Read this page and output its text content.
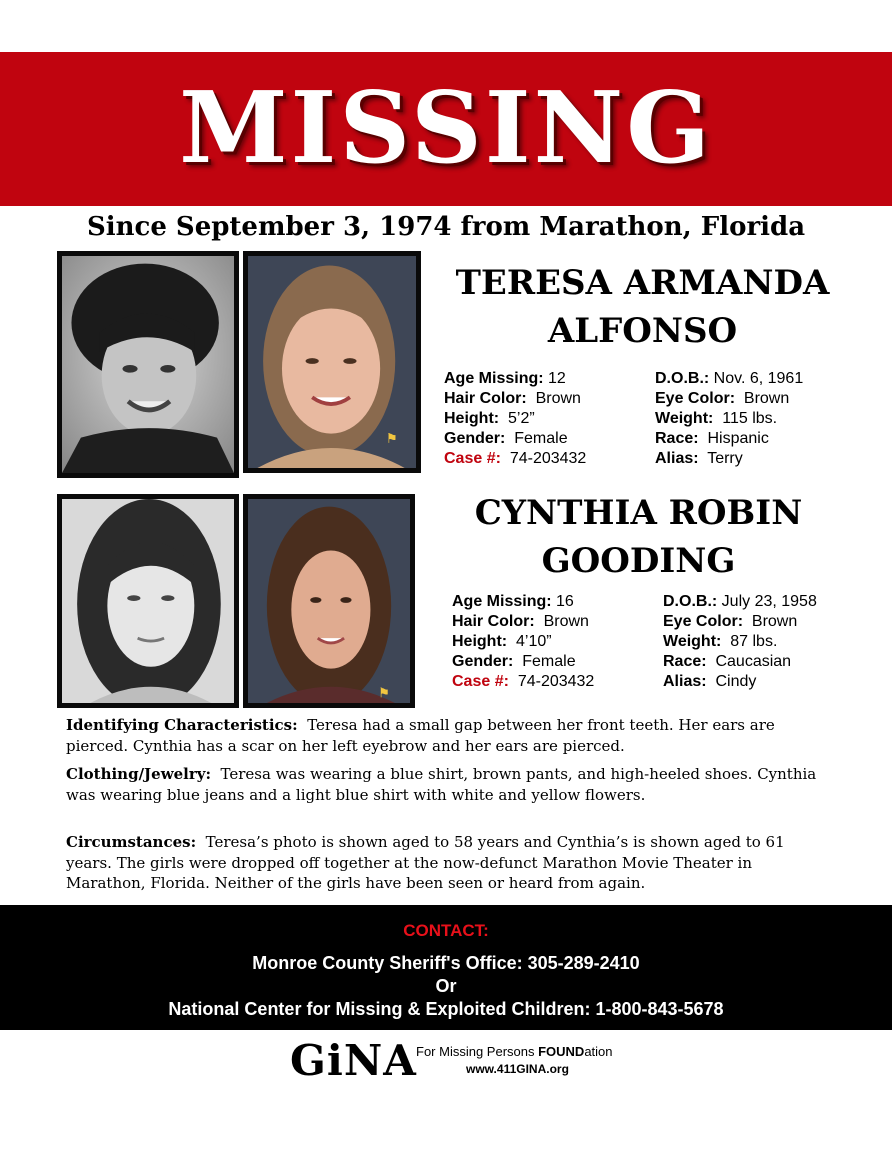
MISSING
Since September 3, 1974 from Marathon, Florida
⚑
TERESA ARMANDA
ALFONSO
Age Missing: 12
Hair Color: Brown
Height: 5’2”
Gender: Female
Case #: 74-203432
D.O.B.: Nov. 6, 1961
Eye Color: Brown
Weight: 115 lbs.
Race: Hispanic
Alias: Terry
⚑
CYNTHIA ROBIN
GOODING
Age Missing: 16
Hair Color: Brown
Height: 4’10”
Gender: Female
Case #: 74-203432
D.O.B.: July 23, 1958
Eye Color: Brown
Weight: 87 lbs.
Race: Caucasian
Alias: Cindy
Identifying Characteristics: Teresa had a small gap between her front teeth. Her ears are pierced. Cynthia has a scar on her left eyebrow and her ears are pierced.
Clothing/Jewelry: Teresa was wearing a blue shirt, brown pants, and high-heeled shoes. Cynthia was wearing blue jeans and a light blue shirt with white and yellow flowers.
Circumstances: Teresa’s photo is shown aged to 58 years and Cynthia’s is shown aged to 61 years. The girls were dropped off together at the now-defunct Marathon Movie Theater in Marathon, Florida. Neither of the girls have been seen or heard from again.
CONTACT:
Monroe County Sheriff's Office: 305-289-2410
Or
National Center for Missing & Exploited Children: 1-800-843-5678
GiNA For Missing Persons FOUNDation
www.411GINA.org
